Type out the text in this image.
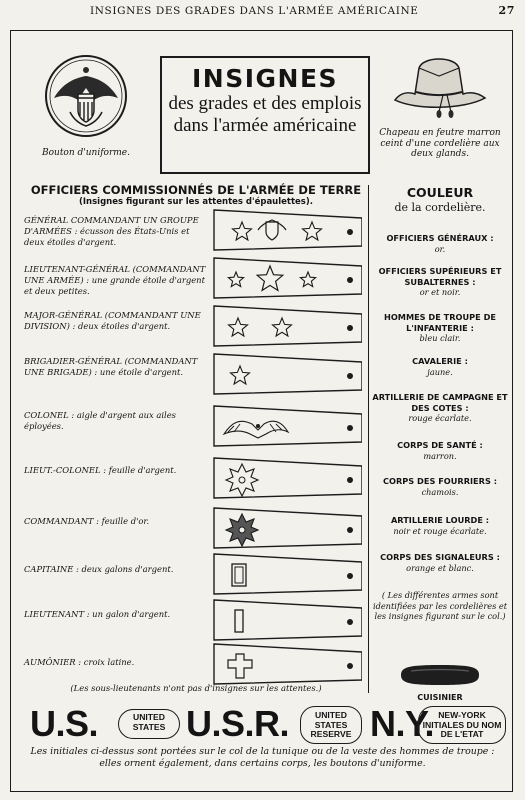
INSIGNES DES GRADES DANS L'ARMÉE AMÉRICAINE	27
Bouton d'uniforme.
INSIGNES
des grades et des emplois
dans l'armée américaine	Chapeau en feutre marron ceint d'une cordelière aux deux glands.
OFFICIERS COMMISSIONNÉS DE L'ARMÉE DE TERRE
(Insignes figurant sur les attentes d'épaulettes).
GÉNÉRAL COMMANDANT UN GROUPE D'ARMÉES : écusson des États-Unis et deux étoiles d'argent.
LIEUTENANT-GÉNÉRAL (COMMANDANT UNE ARMÉE) : une grande étoile d'argent et deux petites.
MAJOR-GÉNÉRAL (COMMANDANT UNE DIVISION) : deux étoiles d'argent.
BRIGADIER-GÉNÉRAL (COMMANDANT UNE BRIGADE) : une étoile d'argent.
COLONEL : aigle d'argent aux ailes éployées.
LIEUT.-COLONEL : feuille d'argent.
COMMANDANT : feuille d'or.
CAPITAINE : deux galons d'argent.
LIEUTENANT : un galon d'argent.
AUMÔNIER : croix latine.
(Les sous-lieutenants n'ont pas d'insignes sur les attentes.)
COULEUR
de la cordelière.
OFFICIERS GÉNÉRAUX :
or.
OFFICIERS SUPÉRIEURS ET SUBALTERNES :
or et noir.
HOMMES DE TROUPE DE L'INFANTERIE :
bleu clair.
CAVALERIE :
jaune.
ARTILLERIE DE CAMPAGNE ET DES COTES :
rouge écarlate.
CORPS DE SANTÉ :
marron.
CORPS DES FOURRIERS :
chamois.
ARTILLERIE LOURDE :
noir et rouge écarlate.
CORPS DES SIGNALEURS :
orange et blanc.
( Les différentes armes sont identifiées par les cordelières et les insignes figurant sur le col.)
CUISINIER
U.S.	UNITED STATES U.S.R.	UNITED STATES RESERVE N.Y. NEW-YORK INITIALES DU NOM DE L'ETAT
Les initiales ci-dessus sont portées sur le col de la tunique ou de la veste des hommes de troupe : elles ornent également, dans certains corps, les boutons d'uniforme.
